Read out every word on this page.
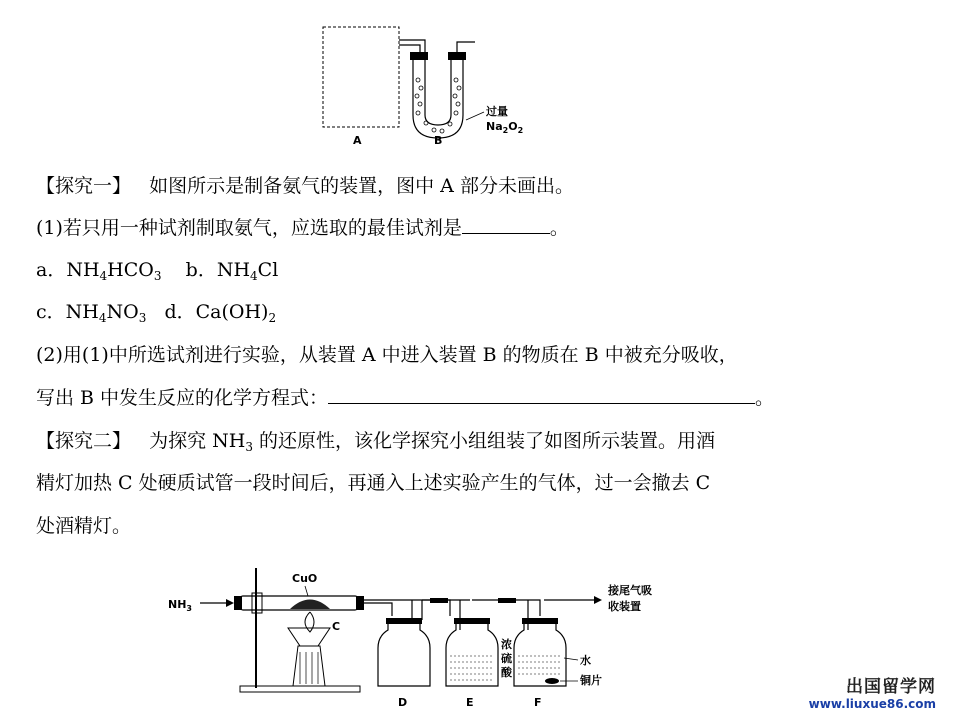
A	B
过量
$Na_2O_2$
【探究一】 如图所示是制备氨气的装置，图中 A 部分未画出。
(1)若只用一种试剂制取氨气，应选取的最佳试剂是	。
a．$NH_4HCO_3$ b．$NH_4Cl$
c．$NH_4NO_3$ d．$Ca(OH)_2$
(2)用(1)中所选试剂进行实验，从装置 A 中进入装置 B 的物质在 B 中被充分吸收，
写出 B 中发生反应的化学方程式：	。
【探究二】 为探究 $NH_3$ 的还原性，该化学探究小组组装了如图所示装置。用酒
精灯加热 C 处硬质试管一段时间后，再通入上述实验产生的气体，过一会撤去 C
处酒精灯。
$NH_3$
CuO
C
D	E
浓
硫
酸
F
水
铜片
接尾气吸
收装置
出国留学网
www.liuxue86.com
